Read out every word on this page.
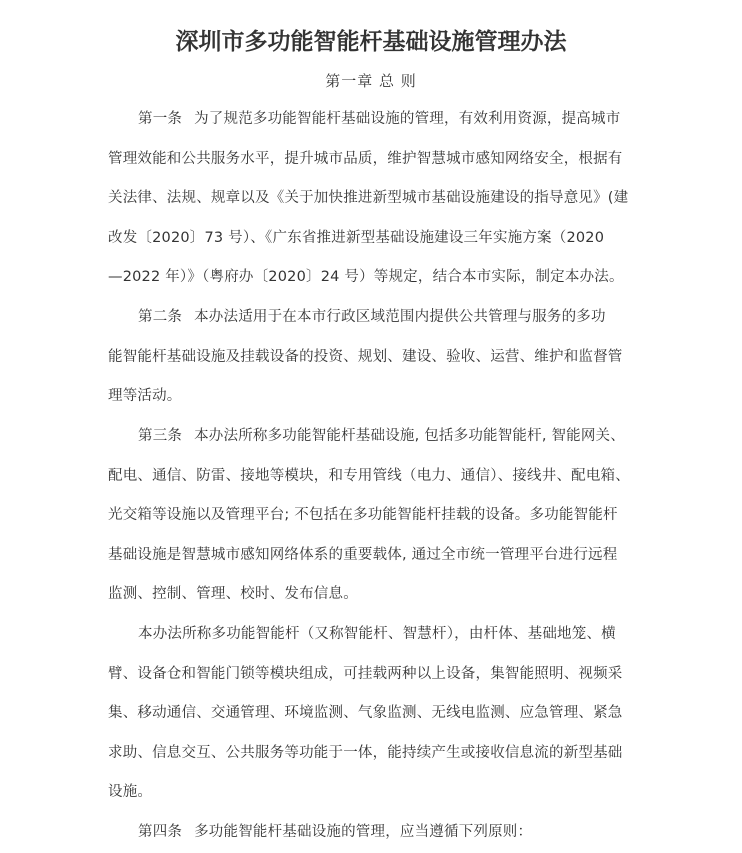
深圳市多功能智能杆基础设施管理办法

第一章 总 则

第一条 为了规范多功能智能杆基础设施的管理，有效利用资源，提高城市
管理效能和公共服务水平，提升城市品质，维护智慧城市感知网络安全，根据有
关法律、法规、规章以及《关于加快推进新型城市基础设施建设的指导意见》(建
改发〔2020〕73 号）、《广东省推进新型基础设施建设三年实施方案（2020
—2022 年）》（粤府办〔2020〕24 号）等规定，结合本市实际，制定本办法。
第二条 本办法适用于在本市行政区域范围内提供公共管理与服务的多功
能智能杆基础设施及挂载设备的投资、规划、建设、验收、运营、维护和监督管
理等活动。
第三条 本办法所称多功能智能杆基础设施, 包括多功能智能杆, 智能网关、
配电、通信、防雷、接地等模块，和专用管线（电力、通信）、接线井、配电箱、
光交箱等设施以及管理平台; 不包括在多功能智能杆挂载的设备。多功能智能杆
基础设施是智慧城市感知网络体系的重要载体, 通过全市统一管理平台进行远程
监测、控制、管理、校时、发布信息。
本办法所称多功能智能杆（又称智能杆、智慧杆），由杆体、基础地笼、横
臂、设备仓和智能门锁等模块组成，可挂载两种以上设备，集智能照明、视频采
集、移动通信、交通管理、环境监测、气象监测、无线电监测、应急管理、紧急
求助、信息交互、公共服务等功能于一体，能持续产生或接收信息流的新型基础
设施。
第四条 多功能智能杆基础设施的管理，应当遵循下列原则：
